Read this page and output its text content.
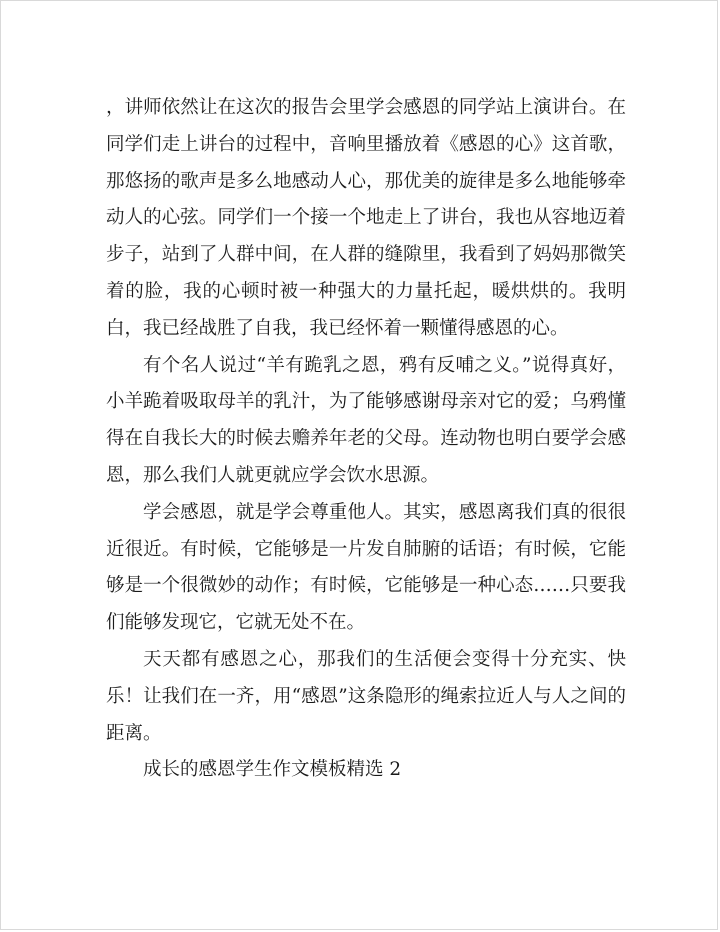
，讲师依然让在这次的报告会里学会感恩的同学站上演讲台。在同学们走上讲台的过程中，音响里播放着《感恩的心》这首歌，那悠扬的歌声是多么地感动人心，那优美的旋律是多么地能够牵动人的心弦。同学们一个接一个地走上了讲台，我也从容地迈着步子，站到了人群中间，在人群的缝隙里，我看到了妈妈那微笑着的脸，我的心顿时被一种强大的力量托起，暖烘烘的。我明白，我已经战胜了自我，我已经怀着一颗懂得感恩的心。

有个名人说过“羊有跪乳之恩，鸦有反哺之义。”说得真好，小羊跪着吸取母羊的乳汁，为了能够感谢母亲对它的爱；乌鸦懂得在自我长大的时候去赡养年老的父母。连动物也明白要学会感恩，那么我们人就更就应学会饮水思源。

学会感恩，就是学会尊重他人。其实，感恩离我们真的很很近很近。有时候，它能够是一片发自肺腑的话语；有时候，它能够是一个很微妙的动作；有时候，它能够是一种心态……只要我们能够发现它，它就无处不在。

天天都有感恩之心，那我们的生活便会变得十分充实、快乐！让我们在一齐，用“感恩”这条隐形的绳索拉近人与人之间的距离。

成长的感恩学生作文模板精选 2
